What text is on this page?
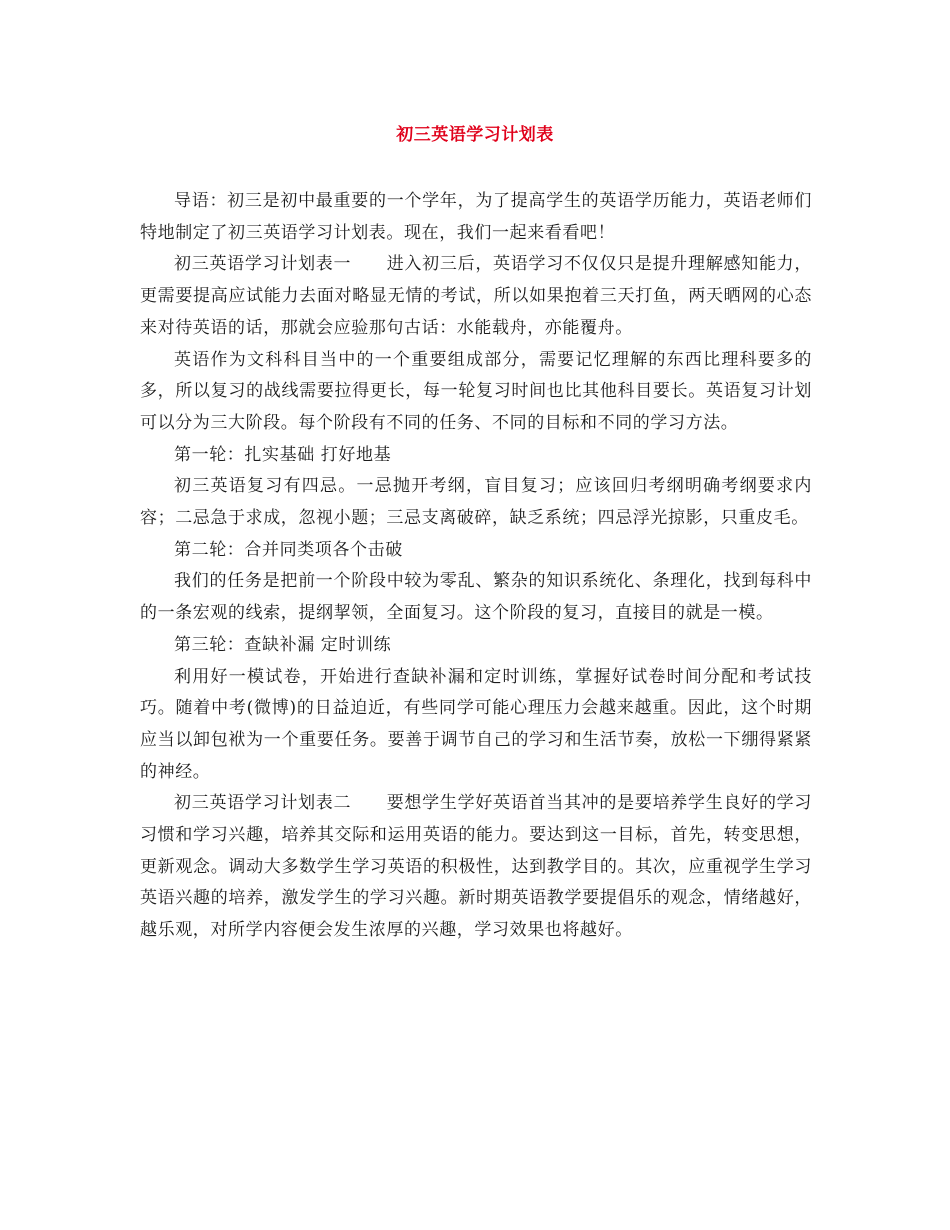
初三英语学习计划表

导语：初三是初中最重要的一个学年，为了提高学生的英语学历能力，英语老师们特地制定了初三英语学习计划表。现在，我们一起来看看吧！

初三英语学习计划表一　　进入初三后，英语学习不仅仅只是提升理解感知能力，更需要提高应试能力去面对略显无情的考试，所以如果抱着三天打鱼，两天晒网的心态来对待英语的话，那就会应验那句古话：水能载舟，亦能覆舟。

英语作为文科科目当中的一个重要组成部分，需要记忆理解的东西比理科要多的多，所以复习的战线需要拉得更长，每一轮复习时间也比其他科目要长。英语复习计划可以分为三大阶段。每个阶段有不同的任务、不同的目标和不同的学习方法。

第一轮：扎实基础 打好地基

初三英语复习有四忌。一忌抛开考纲，盲目复习；应该回归考纲明确考纲要求内容；二忌急于求成，忽视小题；三忌支离破碎，缺乏系统；四忌浮光掠影，只重皮毛。

第二轮：合并同类项各个击破

我们的任务是把前一个阶段中较为零乱、繁杂的知识系统化、条理化，找到每科中的一条宏观的线索，提纲挈领，全面复习。这个阶段的复习，直接目的就是一模。

第三轮：查缺补漏 定时训练

利用好一模试卷，开始进行查缺补漏和定时训练，掌握好试卷时间分配和考试技巧。随着中考(微博)的日益迫近，有些同学可能心理压力会越来越重。因此，这个时期应当以卸包袱为一个重要任务。要善于调节自己的学习和生活节奏，放松一下绷得紧紧的神经。

初三英语学习计划表二　　要想学生学好英语首当其冲的是要培养学生良好的学习习惯和学习兴趣，培养其交际和运用英语的能力。要达到这一目标，首先，转变思想，更新观念。调动大多数学生学习英语的积极性，达到教学目的。其次，应重视学生学习英语兴趣的培养，激发学生的学习兴趣。新时期英语教学要提倡乐的观念，情绪越好，越乐观，对所学内容便会发生浓厚的兴趣，学习效果也将越好。
